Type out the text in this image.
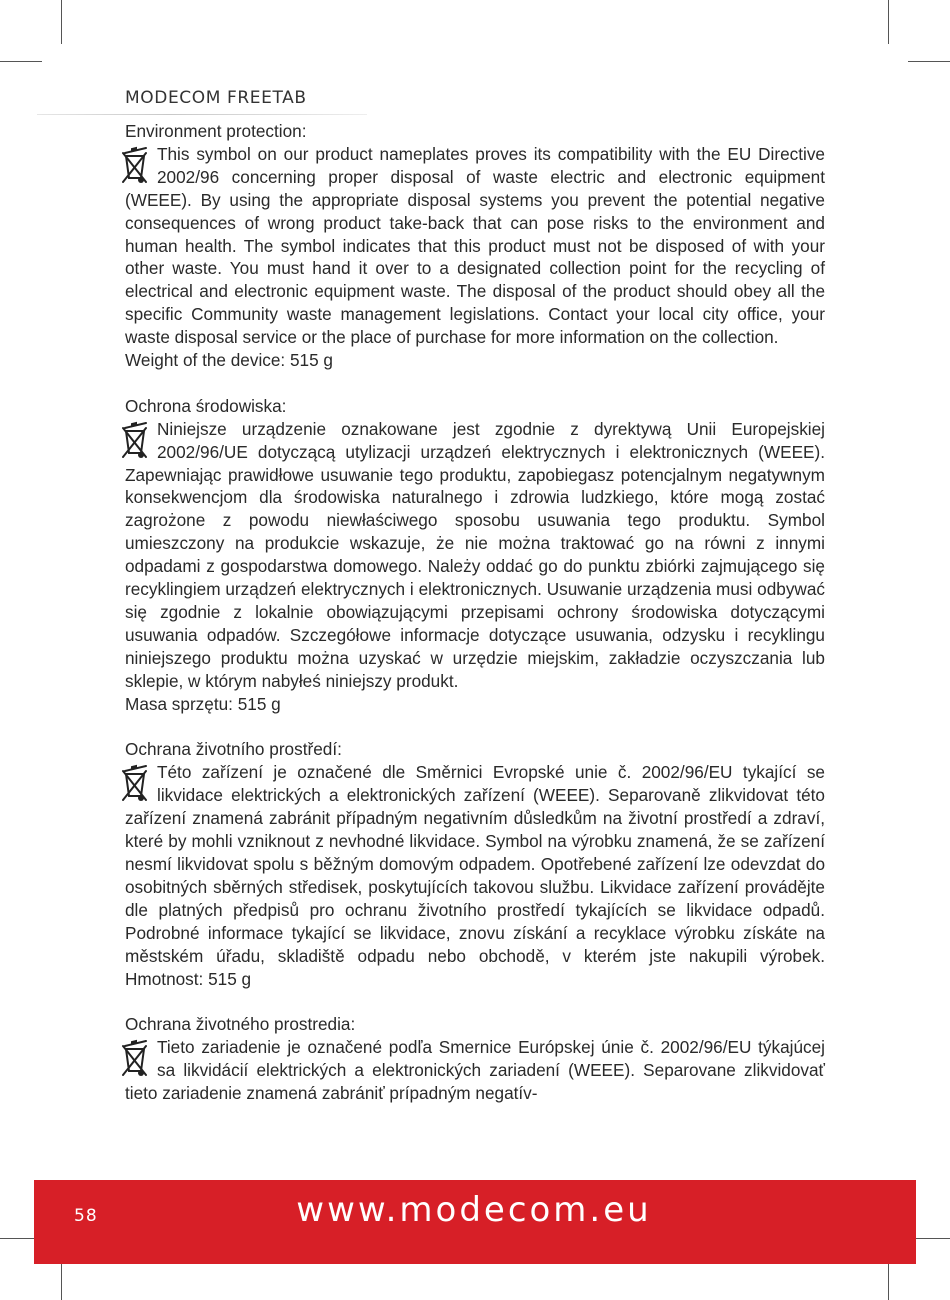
MODECOM FREETAB

Environment protection:

This symbol on our product nameplates proves its compatibility with the EU Directive 2002/96 concerning proper disposal of waste electric and electronic equipment (WEEE). By using the appropriate disposal systems you prevent the potential negative consequences of wrong product take-back that can pose risks to the environment and human health. The symbol indicates that this product must not be disposed of with your other waste. You must hand it over to a designated collection point for the recycling of electrical and electronic equipment waste. The disposal of the product should obey all the specific Community waste management legislations. Contact your local city office, your waste disposal service or the place of purchase for more information on the collection.

Weight of the device: 515 g

Ochrona środowiska:

Niniejsze urządzenie oznakowane jest zgodnie z dyrektywą Unii Europejskiej 2002/96/UE dotyczącą utylizacji urządzeń elektrycznych i elektronicznych (WEEE). Zapewniając prawidłowe usuwanie tego produktu, zapobiegasz potencjalnym negatywnym konsekwencjom dla środowiska naturalnego i zdrowia ludzkiego, które mogą zostać zagrożone z powodu niewłaściwego sposobu usuwania tego produktu. Symbol umieszczony na produkcie wskazuje, że nie można traktować go na równi z innymi odpadami z gospodarstwa domowego. Należy oddać go do punktu zbiórki zajmującego się recyklingiem urządzeń elektrycznych i elektronicznych. Usuwanie urządzenia musi odbywać się zgodnie z lokalnie obowiązującymi przepisami ochrony środowiska dotyczącymi usuwania odpadów. Szczegółowe informacje dotyczące usuwania, odzysku i recyklingu niniejszego produktu można uzyskać w urzędzie miejskim, zakładzie oczyszczania lub sklepie, w którym nabyłeś niniejszy produkt.

Masa sprzętu: 515 g

Ochrana životního prostředí:

Této zařízení je označené dle Směrnici Evropské unie č. 2002/96/EU tykající se likvidace elektrických a elektronických zařízení (WEEE). Separovaně zlikvidovat této zařízení znamená zabránit případným negativním důsledkům na životní prostředí a zdraví, které by mohli vzniknout z nevhodné likvidace. Symbol na výrobku znamená, že se zařízení nesmí likvidovat spolu s běžným domovým odpadem. Opotřebené zařízení lze odevzdat do osobitných sběrných středisek, poskytujících takovou službu. Likvidace zařízení provádějte dle platných předpisů pro ochranu životního prostředí tykajících se likvidace odpadů. Podrobné informace tykající se likvidace, znovu získání a recyklace výrobku získáte na městském úřadu, skladiště odpadu nebo obchodě, v kterém jste nakupili výrobek. Hmotnost: 515 g

Ochrana životného prostredia:

Tieto zariadenie je označené podľa Smernice Európskej únie č. 2002/96/EU týkajúcej sa likvidácií elektrických a elektronických zariadení (WEEE). Separovane zlikvidovať tieto zariadenie znamená zabrániť prípadným negatív-

58	www.modecom.eu
